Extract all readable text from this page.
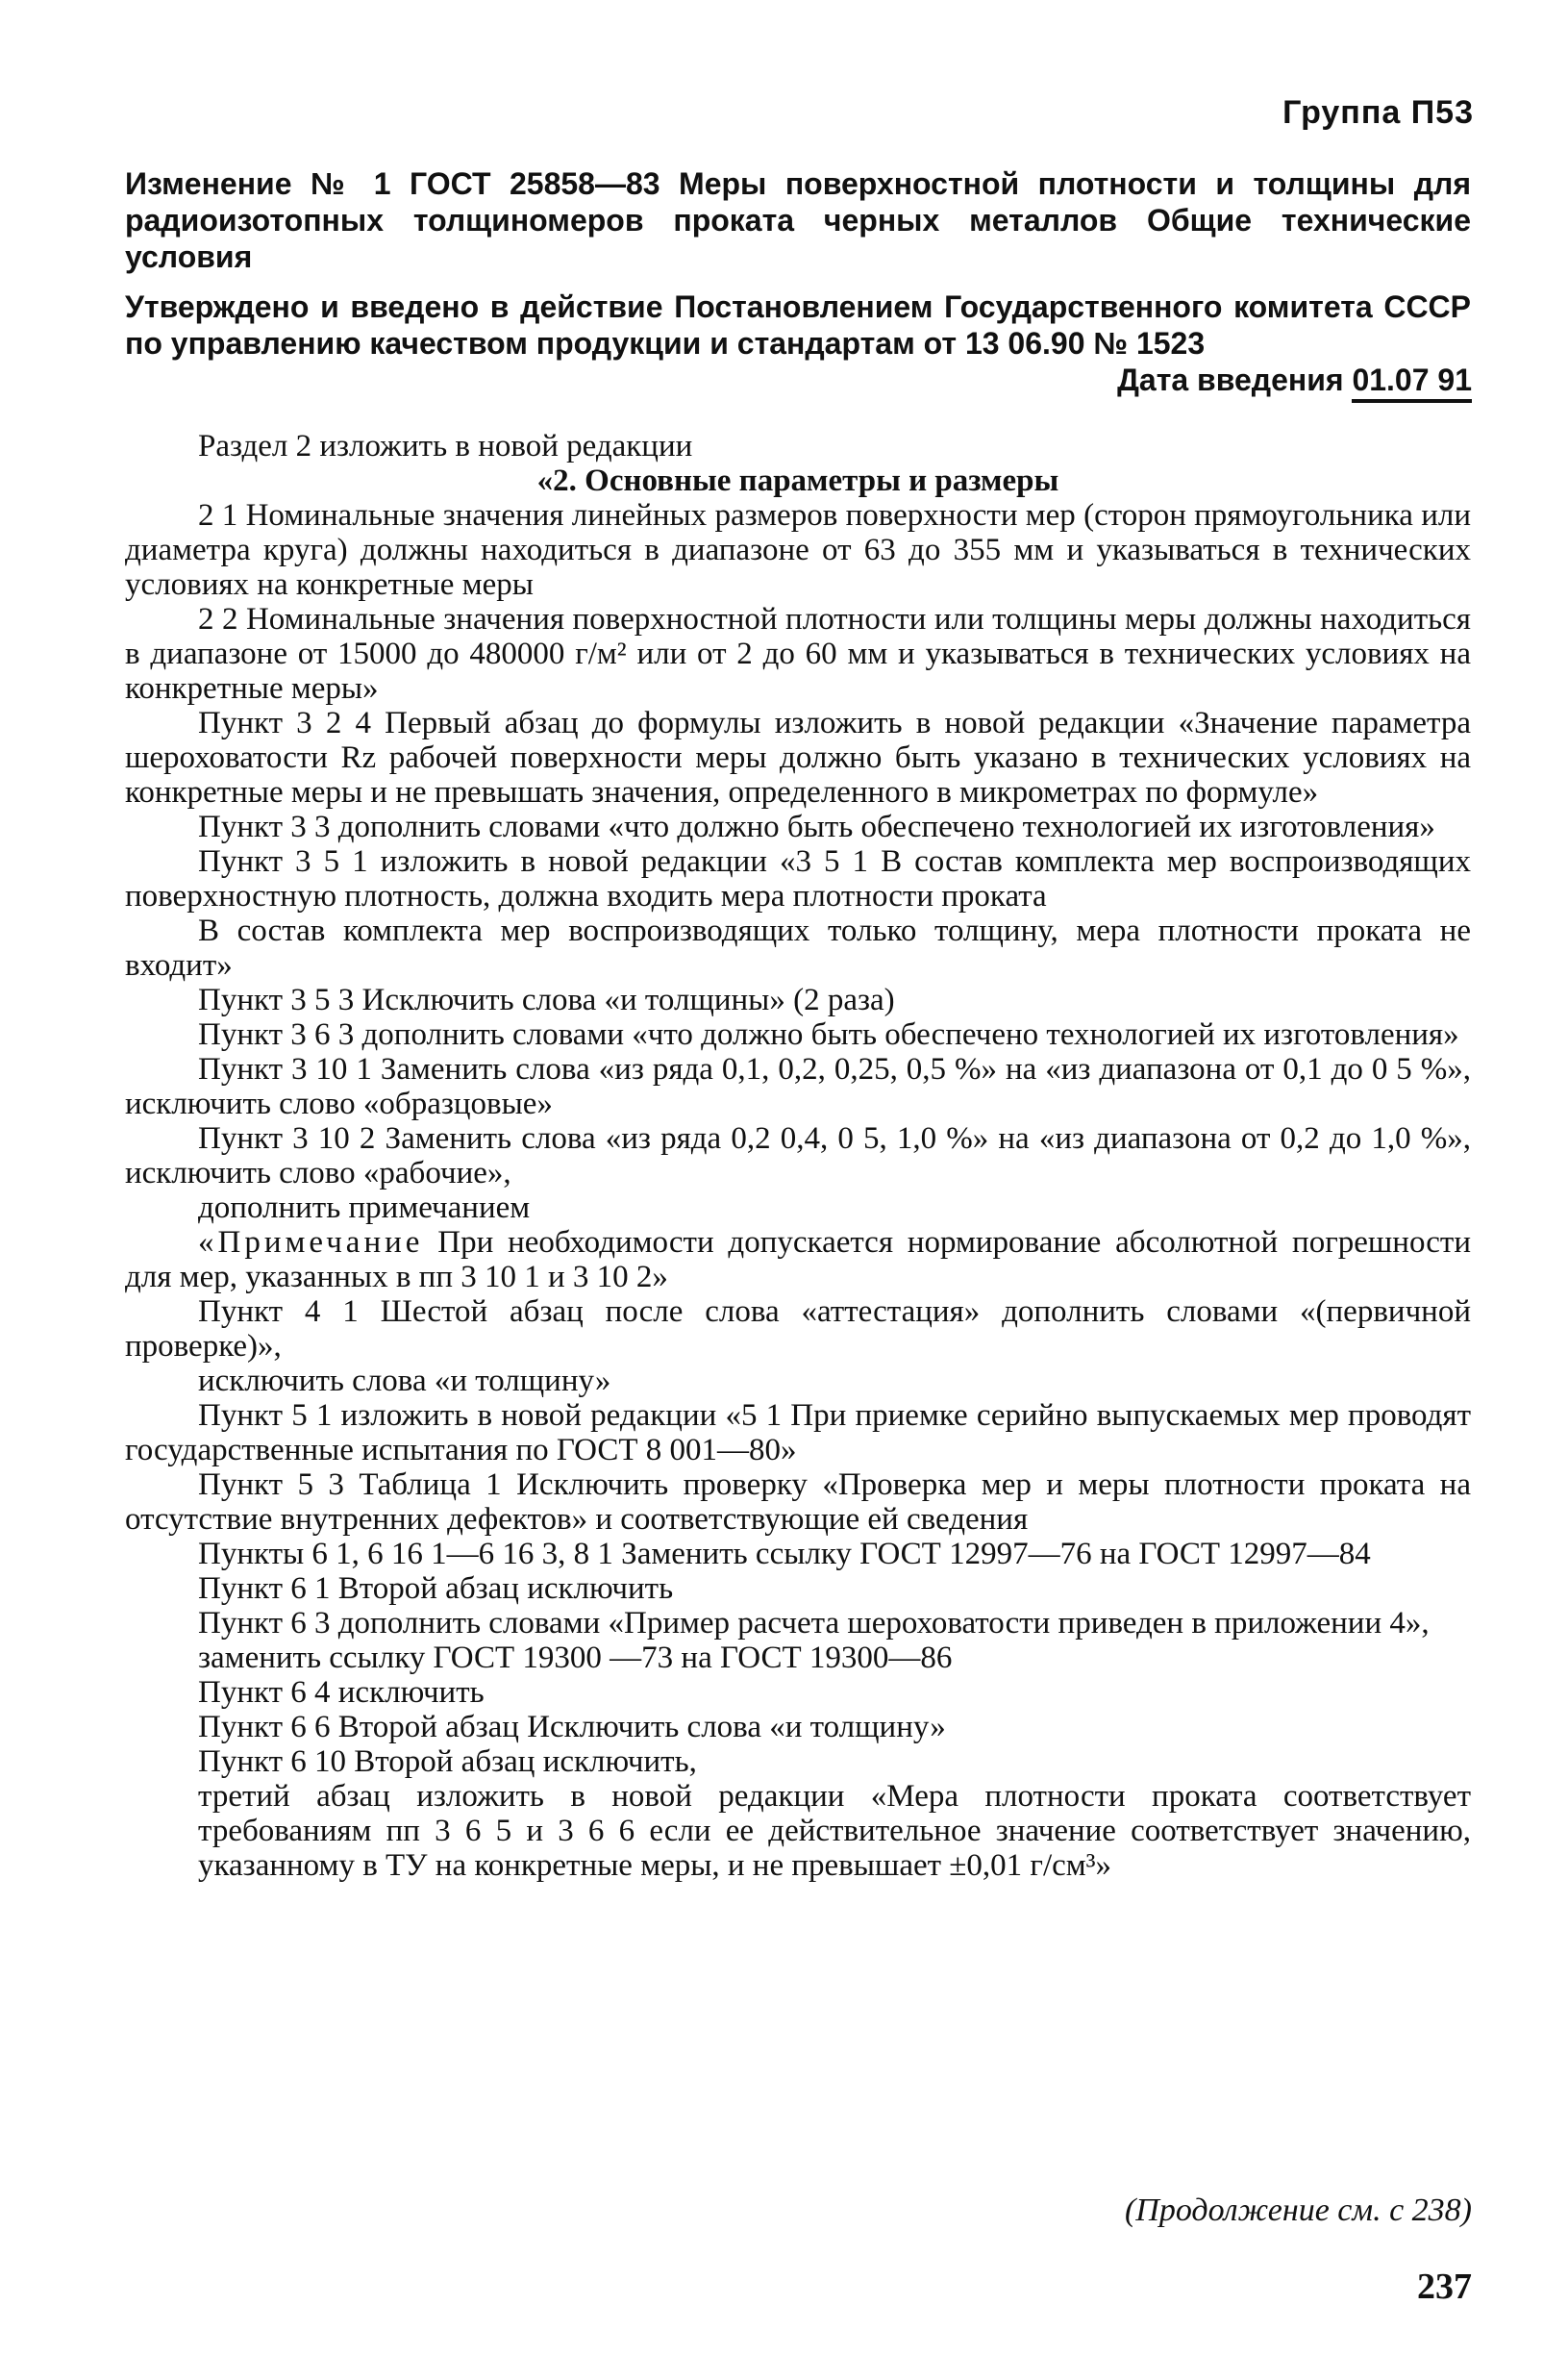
Группа П53

Изменение № 1 ГОСТ 25858—83 Меры поверхностной плотности и толщины для радиоизотопных толщиномеров проката черных металлов Общие технические условия

Утверждено и введено в действие Постановлением Государственного комитета СССР по управлению качеством продукции и стандартам от 13 06.90 № 1523

Дата введения 01.07 91

Раздел 2 изложить в новой редакции

«2. Основные параметры и размеры

2 1 Номинальные значения линейных размеров поверхности мер (сторон прямоугольника или диаметра круга) должны находиться в диапазоне от 63 до 355 мм и указываться в технических условиях на конкретные меры

2 2 Номинальные значения поверхностной плотности или толщины меры должны находиться в диапазоне от 15000 до 480000 г/м² или от 2 до 60 мм и указываться в технических условиях на конкретные меры»

Пункт 3 2 4 Первый абзац до формулы изложить в новой редакции «Значение параметра шероховатости Rz рабочей поверхности меры должно быть указано в технических условиях на конкретные меры и не превышать значения, определенного в микрометрах по формуле»

Пункт 3 3 дополнить словами «что должно быть обеспечено технологией их изготовления»

Пункт 3 5 1 изложить в новой редакции «3 5 1 В состав комплекта мер воспроизводящих поверхностную плотность, должна входить мера плотности проката

В состав комплекта мер воспроизводящих только толщину, мера плотности проката не входит»

Пункт 3 5 3 Исключить слова «и толщины» (2 раза)

Пункт 3 6 3 дополнить словами «что должно быть обеспечено технологией их изготовления»

Пункт 3 10 1 Заменить слова «из ряда 0,1, 0,2, 0,25, 0,5 %» на «из диапазона от 0,1 до 0 5 %», исключить слово «образцовые»

Пункт 3 10 2 Заменить слова «из ряда 0,2 0,4, 0 5, 1,0 %» на «из диапазона от 0,2 до 1,0 %», исключить слово «рабочие»,

дополнить примечанием

«Примечание При необходимости допускается нормирование абсолютной погрешности для мер, указанных в пп 3 10 1 и 3 10 2»

Пункт 4 1 Шестой абзац после слова «аттестация» дополнить словами «(первичной проверке)»,

исключить слова «и толщину»

Пункт 5 1 изложить в новой редакции «5 1 При приемке серийно выпускаемых мер проводят государственные испытания по ГОСТ 8 001—80»

Пункт 5 3 Таблица 1 Исключить проверку «Проверка мер и меры плотности проката на отсутствие внутренних дефектов» и соответствующие ей сведения

Пункты 6 1, 6 16 1—6 16 3, 8 1 Заменить ссылку ГОСТ 12997—76 на ГОСТ 12997—84

Пункт 6 1 Второй абзац исключить

Пункт 6 3 дополнить словами «Пример расчета шероховатости приведен в приложении 4»,

заменить ссылку ГОСТ 19300 —73 на ГОСТ 19300—86

Пункт 6 4 исключить

Пункт 6 6 Второй абзац Исключить слова «и толщину»

Пункт 6 10 Второй абзац исключить,

третий абзац изложить в новой редакции «Мера плотности проката соответствует требованиям пп 3 6 5 и 3 6 6 если ее действительное значение соответствует значению, указанному в ТУ на конкретные меры, и не превышает ±0,01 г/см³»

(Продолжение см. с 238)
237
